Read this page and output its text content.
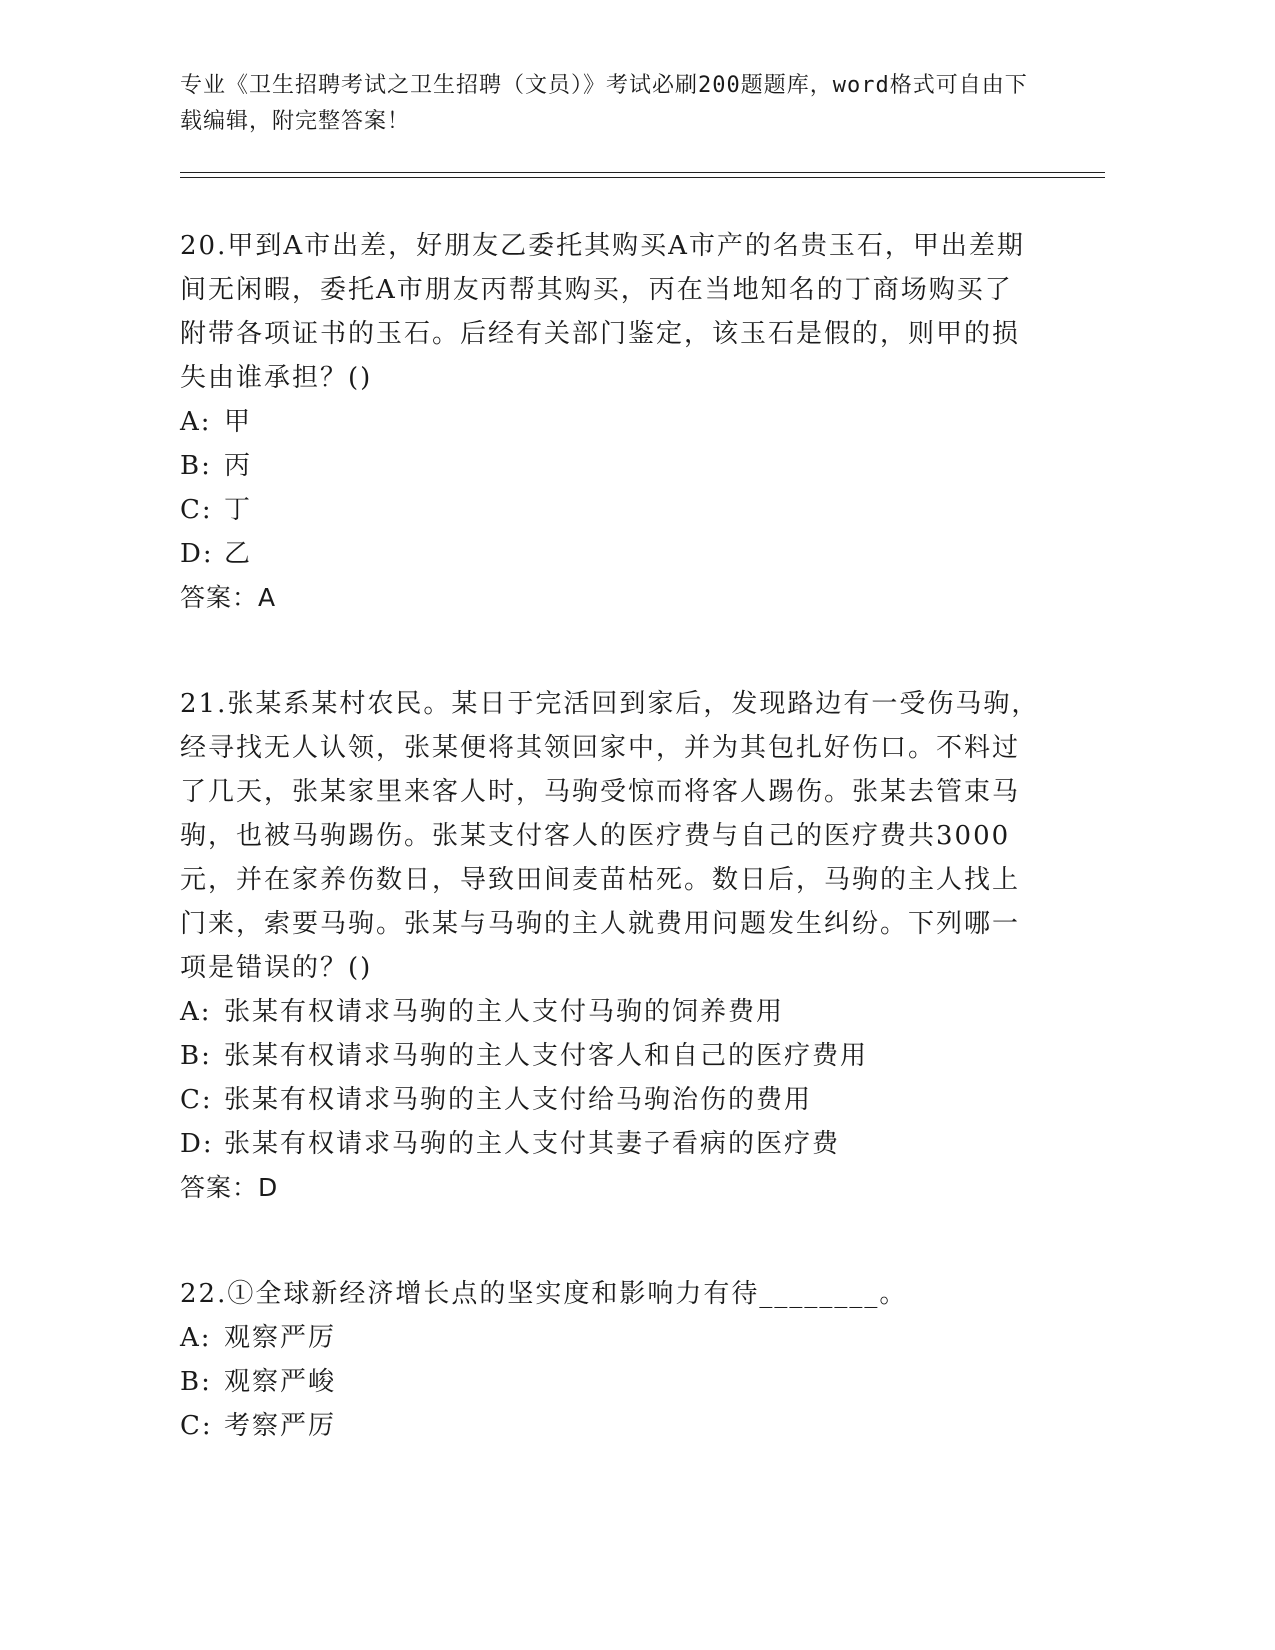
专业《卫生招聘考试之卫生招聘（文员）》考试必刷200题题库，word格式可自由下载编辑，附完整答案！

20.甲到A市出差，好朋友乙委托其购买A市产的名贵玉石，甲出差期间无闲暇，委托A市朋友丙帮其购买，丙在当地知名的丁商场购买了附带各项证书的玉石。后经有关部门鉴定，该玉石是假的，则甲的损失由谁承担？()

A: 甲

B: 丙

C: 丁

D: 乙

答案：A

21.张某系某村农民。某日于完活回到家后，发现路边有一受伤马驹，经寻找无人认领，张某便将其领回家中，并为其包扎好伤口。不料过了几天，张某家里来客人时，马驹受惊而将客人踢伤。张某去管束马驹，也被马驹踢伤。张某支付客人的医疗费与自己的医疗费共3000元，并在家养伤数日，导致田间麦苗枯死。数日后，马驹的主人找上门来，索要马驹。张某与马驹的主人就费用问题发生纠纷。下列哪一项是错误的？()

A: 张某有权请求马驹的主人支付马驹的饲养费用

B: 张某有权请求马驹的主人支付客人和自己的医疗费用

C: 张某有权请求马驹的主人支付给马驹治伤的费用

D: 张某有权请求马驹的主人支付其妻子看病的医疗费

答案：D

22.①全球新经济增长点的坚实度和影响力有待________。

A: 观察严厉

B: 观察严峻

C: 考察严厉
